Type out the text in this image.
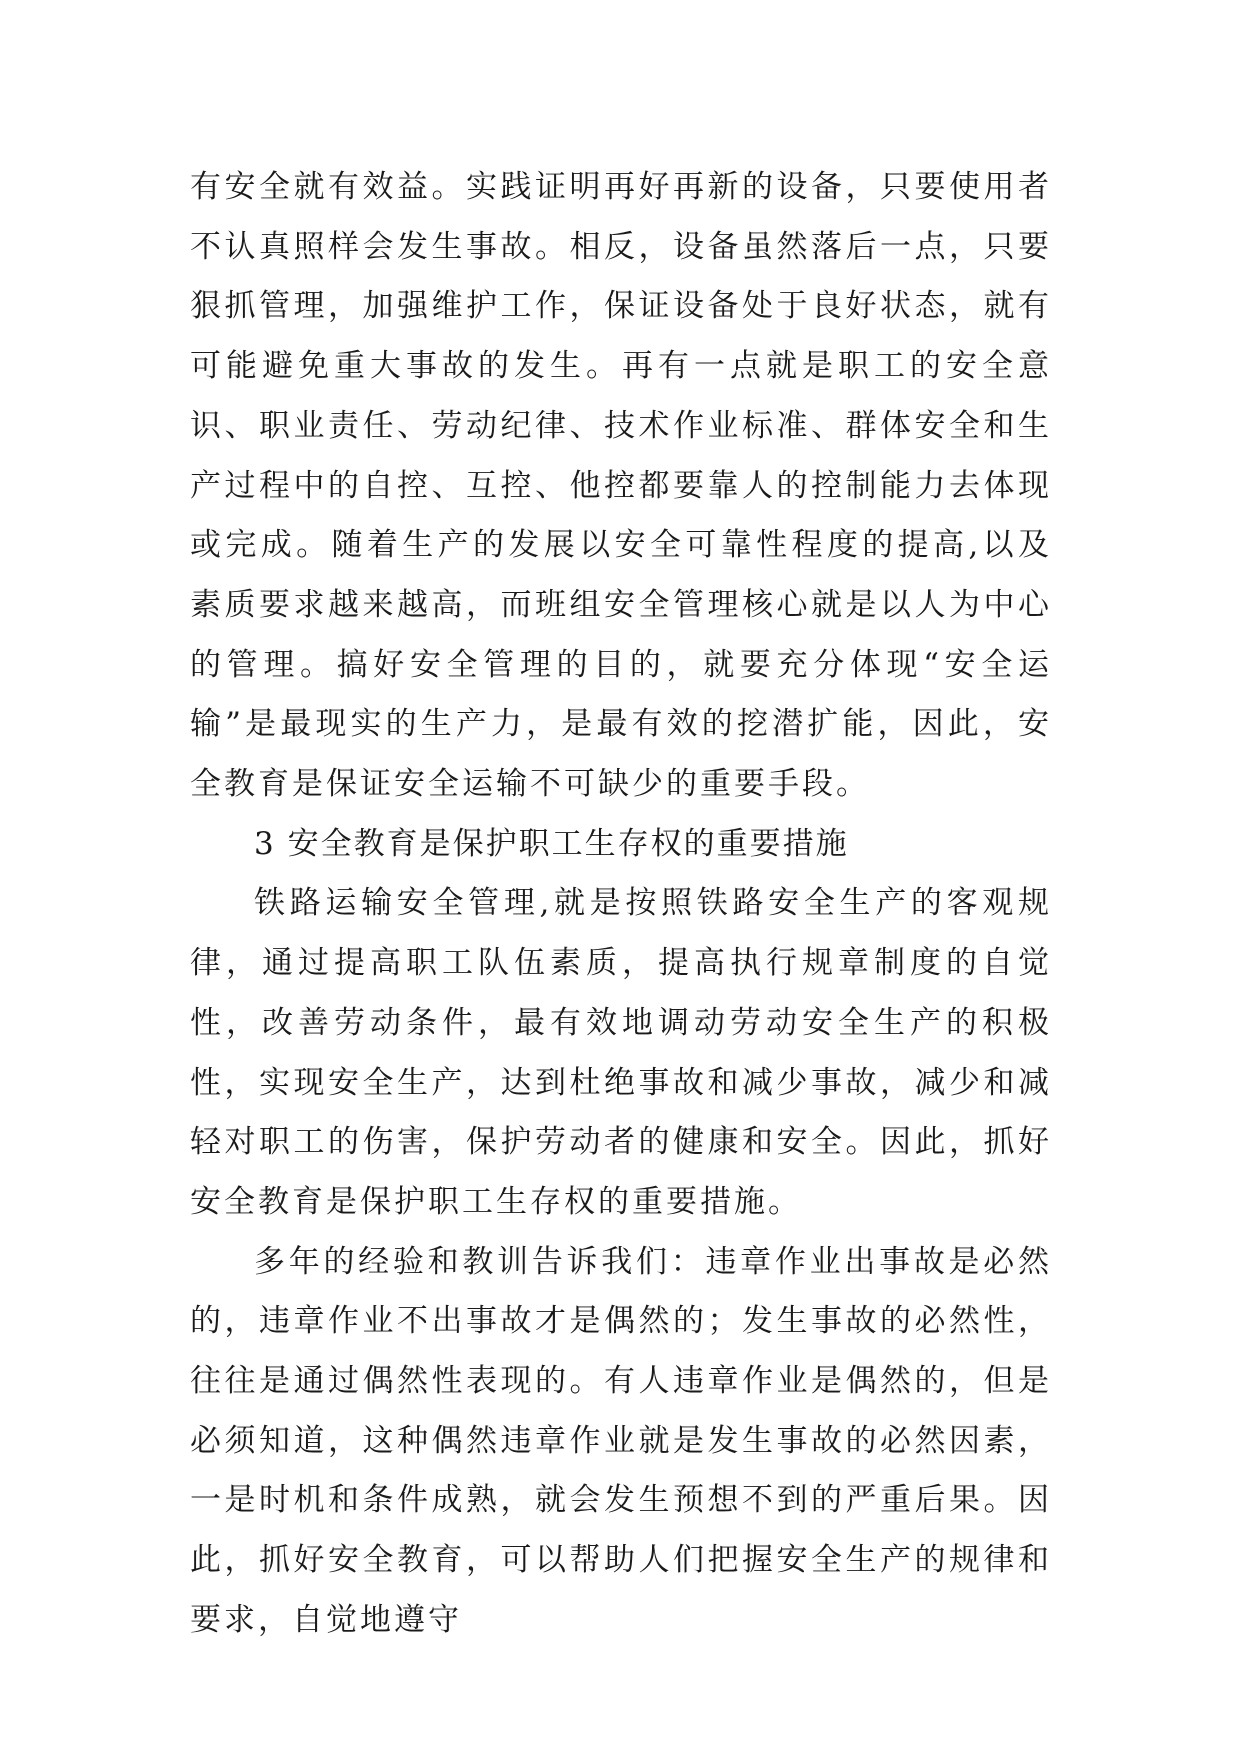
有安全就有效益。实践证明再好再新的设备，只要使用者不认真照样会发生事故。相反，设备虽然落后一点，只要狠抓管理，加强维护工作，保证设备处于良好状态，就有可能避免重大事故的发生。再有一点就是职工的安全意识、职业责任、劳动纪律、技术作业标准、群体安全和生产过程中的自控、互控、他控都要靠人的控制能力去体现或完成。随着生产的发展以安全可靠性程度的提高,以及素质要求越来越高，而班组安全管理核心就是以人为中心的管理。搞好安全管理的目的，就要充分体现“安全运输”是最现实的生产力，是最有效的挖潜扩能，因此，安全教育是保证安全运输不可缺少的重要手段。

3 安全教育是保护职工生存权的重要措施

铁路运输安全管理,就是按照铁路安全生产的客观规律，通过提高职工队伍素质，提高执行规章制度的自觉性，改善劳动条件，最有效地调动劳动安全生产的积极性，实现安全生产，达到杜绝事故和减少事故，减少和减轻对职工的伤害，保护劳动者的健康和安全。因此，抓好安全教育是保护职工生存权的重要措施。

多年的经验和教训告诉我们：违章作业出事故是必然的，违章作业不出事故才是偶然的；发生事故的必然性，往往是通过偶然性表现的。有人违章作业是偶然的，但是必须知道，这种偶然违章作业就是发生事故的必然因素，一是时机和条件成熟，就会发生预想不到的严重后果。因此，抓好安全教育，可以帮助人们把握安全生产的规律和要求，自觉地遵守
